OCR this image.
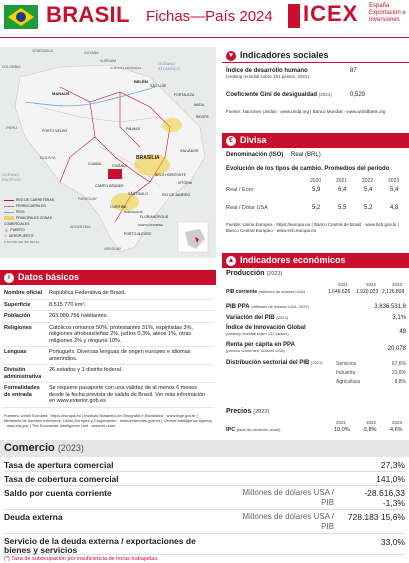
BRASIL Fichas—País 2024 ICEX España Exportación e Inversiones
VENEZUELA
COLOMBIA
GUYANA
SURINAM
GUAYANA FRANCESA
OCÉANO ATLÁNTICO
MANAUS
BELÉM
SÃO LUÍS
FORTALEZA
NATAL
RECIFE
SALVADOR
PALMAS
BRASILIA
GOIÂNIA
BELO HORIZONTE
VITÓRIA
RIO DE JANEIRO
SÃO PAULO
CURITIBA
FLORIANÓPOLIS
PORTO ALEGRE
CAMPO GRANDE
CUIABÁ
PORTO VELHO
PERÚ
BOLIVIA
PARAGUAY
ARGENTINA
URUGUAY
OCÉANO PACÍFICO
SANTA CATARINA
PARANAGUÁ
RED DE CARRETERAS
FERROCARRILES
RÍOS
PRINCIPALES ZONAS COMERCIALES
⚓ PUERTO
✈ AEROPUERTO
0 100 200 300 400 500 km
♥ Indicadores sociales
Índice de desarrollo humano
(ranking mundial sobre 191 países, 2021)
87
Coeficiente Gini de desigualdad (2021)	0,529
Fuente: Naciones Unidas · www.undp.org | Banco Mundial · www.worldbank.org
€ Divisa
Denominación (ISO) Real (BRL)
Evolución de los tipos de cambio. Promedios del periodo
2020	2021	2022	2023
Real / Euro	5,9	6,4	5,4	5,4
Real / Dólar USA	5,2	5,5	5,2	4,8
Fuente: Unión Europea · https://europa.eu | Banco Central de Brasil · www.bcb.gov.br | Banco Central Europeo · www.ecb.europa.eu
i Datos básicos
Nombre oficial	República Federativa de Brasil.
Superficie	8.515.770 km².
Población	203.080.756 habitantes.
Religiones	Católicos romanos 50%, protestantes 31%, espiritistas 3%, religiones afrobrasileñas 2%, judíos 0,3%, ateos 1%, otras religiones 2% y ninguna 10%.
Lenguas	Portugués. Diversas lenguas de origen europeo e idiomas amerindios.
División administrativa	26 estados y 1 distrito federal.
Formalidades de entrada	Se requiere pasaporte con una validez de al menos 6 meses desde la fecha prevista de salida de Brasil. Ver más información en www.exterior.gob.es
Fuentes: Unión Europea · https://europa.eu | Instituto Brasileiro de Geografia e Estatística · www.ibge.gov.br | Ministerio de Asuntos exteriores, Unión Europea y Cooperación · www.exteriores.gob.es | Central Intelligence Agency · www.cia.gov | The Economist Intelligence Unit · www.eiu.com
▲ Indicadores económicos
Producción (2023)
2021	2022	2023
PIB corriente (millones de dólares USA)	1.649.626 1.920.023 2.126.809
PIB PPA (millones de dólares USA, 2022)	3.836.531,8
Variación del PIB (2023)	3,1%
Índice de Innovación Global
(ranking mundial sobre 132 países)	49
Renta per cápita en PPA
(precios corrientes, dólares USA)	20.078
Distribución sectorial del PIB (2021)	Servicios	67,6%
Industria	23,6%
Agricultura	8,8%
Precios (2023)
2021	2022	2023
IPC (tasa de variación anual)	10,0%	5,8% 4,6%
Comercio (2023)
Tasa de apertura comercial	27,3%
Tasa de cobertura comercial	141,0%
Saldo por cuenta corriente	Millones de dólares USA / PIB
-28.616,33 -1,3%
Deuda externa	Millones de dólares USA / PIB
728.183 15,6%
Servicio de la deuda externa / exportaciones de bienes y servicios
33,0%
(*) Tasa de subocupación por insuficiencia de horas trabajadas.
